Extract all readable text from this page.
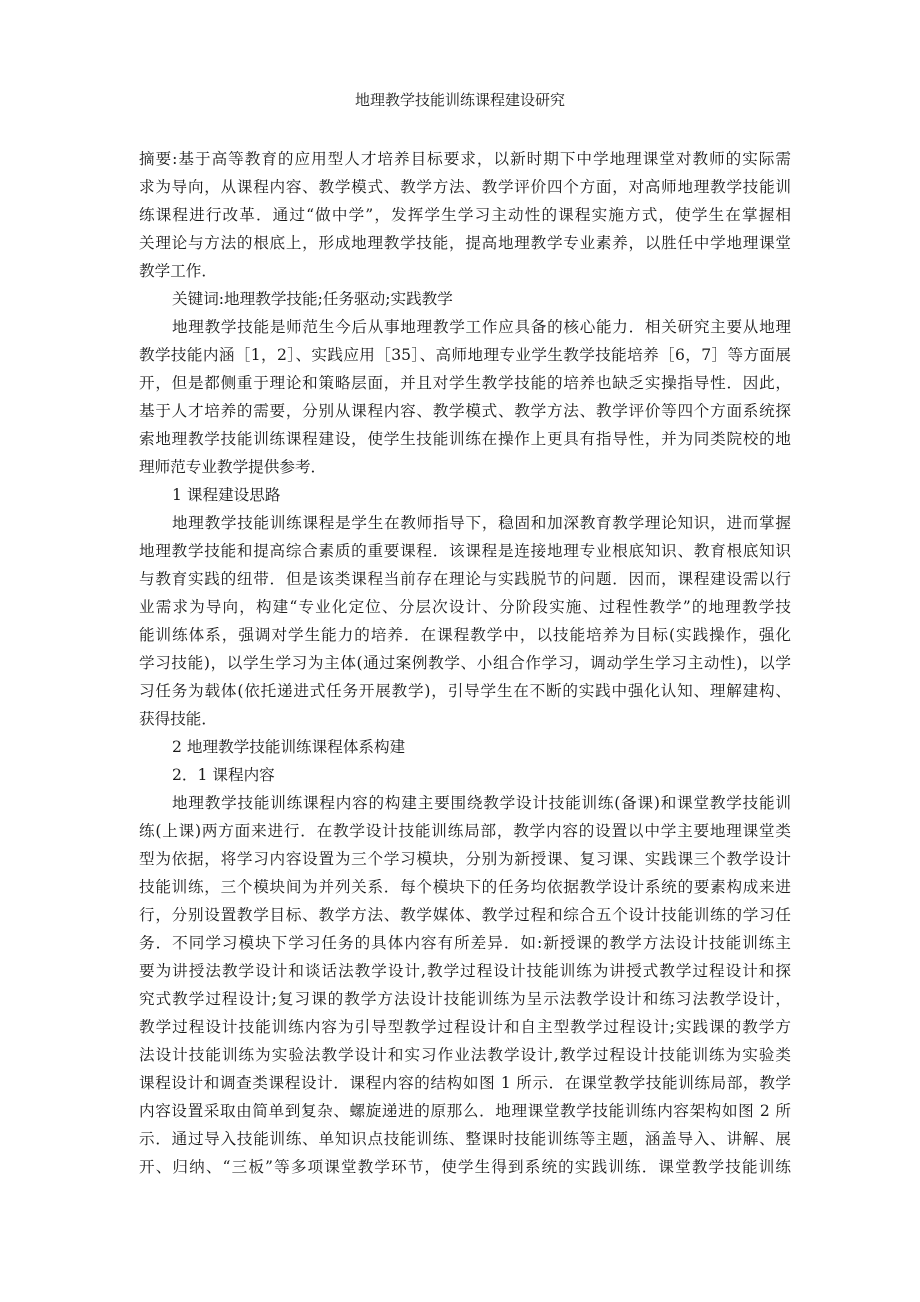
地理教学技能训练课程建设研究
摘要:基于高等教育的应用型人才培养目标要求，以新时期下中学地理课堂对教师的实际需
求为导向，从课程内容、教学模式、教学方法、教学评价四个方面，对高师地理教学技能训
练课程进行改革．通过“做中学”，发挥学生学习主动性的课程实施方式，使学生在掌握相
关理论与方法的根底上，形成地理教学技能，提高地理教学专业素养，以胜任中学地理课堂
教学工作．
关键词:地理教学技能;任务驱动;实践教学
地理教学技能是师范生今后从事地理教学工作应具备的核心能力．相关研究主要从地理
教学技能内涵［1，2］、实践应用［35］、高师地理专业学生教学技能培养［6，7］等方面展
开，但是都侧重于理论和策略层面，并且对学生教学技能的培养也缺乏实操指导性．因此，
基于人才培养的需要，分别从课程内容、教学模式、教学方法、教学评价等四个方面系统探
索地理教学技能训练课程建设，使学生技能训练在操作上更具有指导性，并为同类院校的地
理师范专业教学提供参考．
1 课程建设思路
地理教学技能训练课程是学生在教师指导下，稳固和加深教育教学理论知识，进而掌握
地理教学技能和提高综合素质的重要课程．该课程是连接地理专业根底知识、教育根底知识
与教育实践的纽带．但是该类课程当前存在理论与实践脱节的问题．因而，课程建设需以行
业需求为导向，构建“专业化定位、分层次设计、分阶段实施、过程性教学”的地理教学技
能训练体系，强调对学生能力的培养．在课程教学中，以技能培养为目标(实践操作，强化
学习技能)，以学生学习为主体(通过案例教学、小组合作学习，调动学生学习主动性)，以学
习任务为载体(依托递进式任务开展教学)，引导学生在不断的实践中强化认知、理解建构、
获得技能．
2 地理教学技能训练课程体系构建
2．1 课程内容
地理教学技能训练课程内容的构建主要围绕教学设计技能训练(备课)和课堂教学技能训
练(上课)两方面来进行．在教学设计技能训练局部，教学内容的设置以中学主要地理课堂类
型为依据，将学习内容设置为三个学习模块，分别为新授课、复习课、实践课三个教学设计
技能训练，三个模块间为并列关系．每个模块下的任务均依据教学设计系统的要素构成来进
行，分别设置教学目标、教学方法、教学媒体、教学过程和综合五个设计技能训练的学习任
务．不同学习模块下学习任务的具体内容有所差异．如:新授课的教学方法设计技能训练主
要为讲授法教学设计和谈话法教学设计,教学过程设计技能训练为讲授式教学过程设计和探
究式教学过程设计;复习课的教学方法设计技能训练为呈示法教学设计和练习法教学设计，
教学过程设计技能训练内容为引导型教学过程设计和自主型教学过程设计;实践课的教学方
法设计技能训练为实验法教学设计和实习作业法教学设计,教学过程设计技能训练为实验类
课程设计和调查类课程设计．课程内容的结构如图 1 所示．在课堂教学技能训练局部，教学
内容设置采取由简单到复杂、螺旋递进的原那么．地理课堂教学技能训练内容架构如图 2 所
示．通过导入技能训练、单知识点技能训练、整课时技能训练等主题，涵盖导入、讲解、展
开、归纳、“三板”等多项课堂教学环节，使学生得到系统的实践训练．课堂教学技能训练
